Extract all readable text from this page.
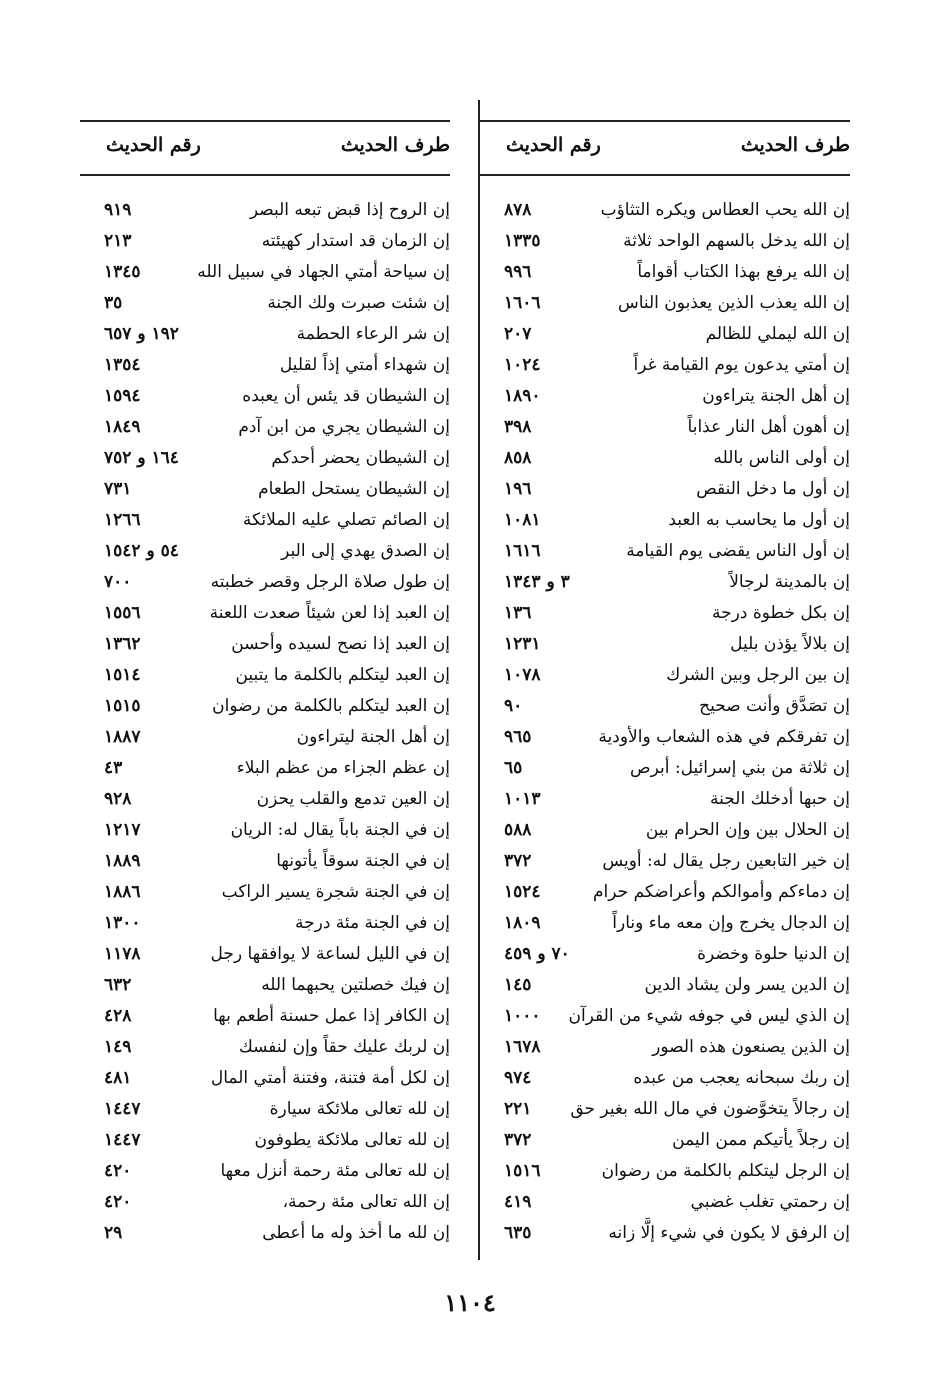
طرف الحديث
رقم الحديث
إن الله يحب العطاس ويكره التثاؤب
٨٧٨
إن الله يدخل بالسهم الواحد ثلاثة
١٣٣٥
إن الله يرفع بهذا الكتاب أقواماً
٩٩٦
إن الله يعذب الذين يعذبون الناس
١٦٠٦
إن الله ليملي للظالم
٢٠٧
إن أمتي يدعون يوم القيامة غراً
١٠٢٤
إن أهل الجنة يتراءون
١٨٩٠
إن أهون أهل النار عذاباً
٣٩٨
إن أولى الناس بالله
٨٥٨
إن أول ما دخل النقص
١٩٦
إن أول ما يحاسب به العبد
١٠٨١
إن أول الناس يقضى يوم القيامة
١٦١٦
إن بالمدينة لرجالاً
٣ و ١٣٤٣
إن بكل خطوة درجة
١٣٦
إن بلالاً يؤذن بليل
١٢٣١
إن بين الرجل وبين الشرك
١٠٧٨
إن تصَدَّق وأنت صحيح
٩٠
إن تفرقكم في هذه الشعاب والأودية
٩٦٥
إن ثلاثة من بني إسرائيل: أبرص
٦٥
إن حبها أدخلك الجنة
١٠١٣
إن الحلال بين وإن الحرام بين
٥٨٨
إن خير التابعين رجل يقال له: أويس
٣٧٢
إن دماءكم وأموالكم وأعراضكم حرام
١٥٢٤
إن الدجال يخرج وإن معه ماء وناراً
١٨٠٩
إن الدنيا حلوة وخضرة
٧٠ و ٤٥٩
إن الدين يسر ولن يشاد الدين
١٤٥
إن الذي ليس في جوفه شيء من القرآن
١٠٠٠
إن الذين يصنعون هذه الصور
١٦٧٨
إن ربك سبحانه يعجب من عبده
٩٧٤
إن رجالاً يتخوَّضون في مال الله بغير حق
٢٢١
إن رجلاً يأتيكم ممن اليمن
٣٧٢
إن الرجل ليتكلم بالكلمة من رضوان
١٥١٦
إن رحمتي تغلب غضبي
٤١٩
إن الرفق لا يكون في شيء إلَّا زانه
٦٣٥
طرف الحديث
رقم الحديث
إن الروح إذا قبض تبعه البصر
٩١٩
إن الزمان قد استدار كهيئته
٢١٣
إن سياحة أمتي الجهاد في سبيل الله
١٣٤٥
إن شئت صبرت ولك الجنة
٣٥
إن شر الرعاء الحطمة
١٩٢ و ٦٥٧
إن شهداء أمتي إذاً لقليل
١٣٥٤
إن الشيطان قد يئس أن يعبده
١٥٩٤
إن الشيطان يجري من ابن آدم
١٨٤٩
إن الشيطان يحضر أحدكم
١٦٤ و ٧٥٢
إن الشيطان يستحل الطعام
٧٣١
إن الصائم تصلي عليه الملائكة
١٢٦٦
إن الصدق يهدي إلى البر
٥٤ و ١٥٤٢
إن طول صلاة الرجل وقصر خطبته
٧٠٠
إن العبد إذا لعن شيئاً صعدت اللعنة
١٥٥٦
إن العبد إذا نصح لسيده وأحسن
١٣٦٢
إن العبد ليتكلم بالكلمة ما يتبين
١٥١٤
إن العبد ليتكلم بالكلمة من رضوان
١٥١٥
إن أهل الجنة ليتراءون
١٨٨٧
إن عظم الجزاء من عظم البلاء
٤٣
إن العين تدمع والقلب يحزن
٩٢٨
إن في الجنة باباً يقال له: الريان
١٢١٧
إن في الجنة سوقاً يأتونها
١٨٨٩
إن في الجنة شجرة يسير الراكب
١٨٨٦
إن في الجنة مئة درجة
١٣٠٠
إن في الليل لساعة لا يوافقها رجل
١١٧٨
إن فيك خصلتين يحبهما الله
٦٣٢
إن الكافر إذا عمل حسنة أطعم بها
٤٢٨
إن لربك عليك حقاً وإن لنفسك
١٤٩
إن لكل أمة فتنة، وفتنة أمتي المال
٤٨١
إن لله تعالى ملائكة سيارة
١٤٤٧
إن لله تعالى ملائكة يطوفون
١٤٤٧
إن لله تعالى مئة رحمة أنزل معها
٤٢٠
إن الله تعالى مئة رحمة،
٤٢٠
إن لله ما أخذ وله ما أعطى
٢٩
١١٠٤
